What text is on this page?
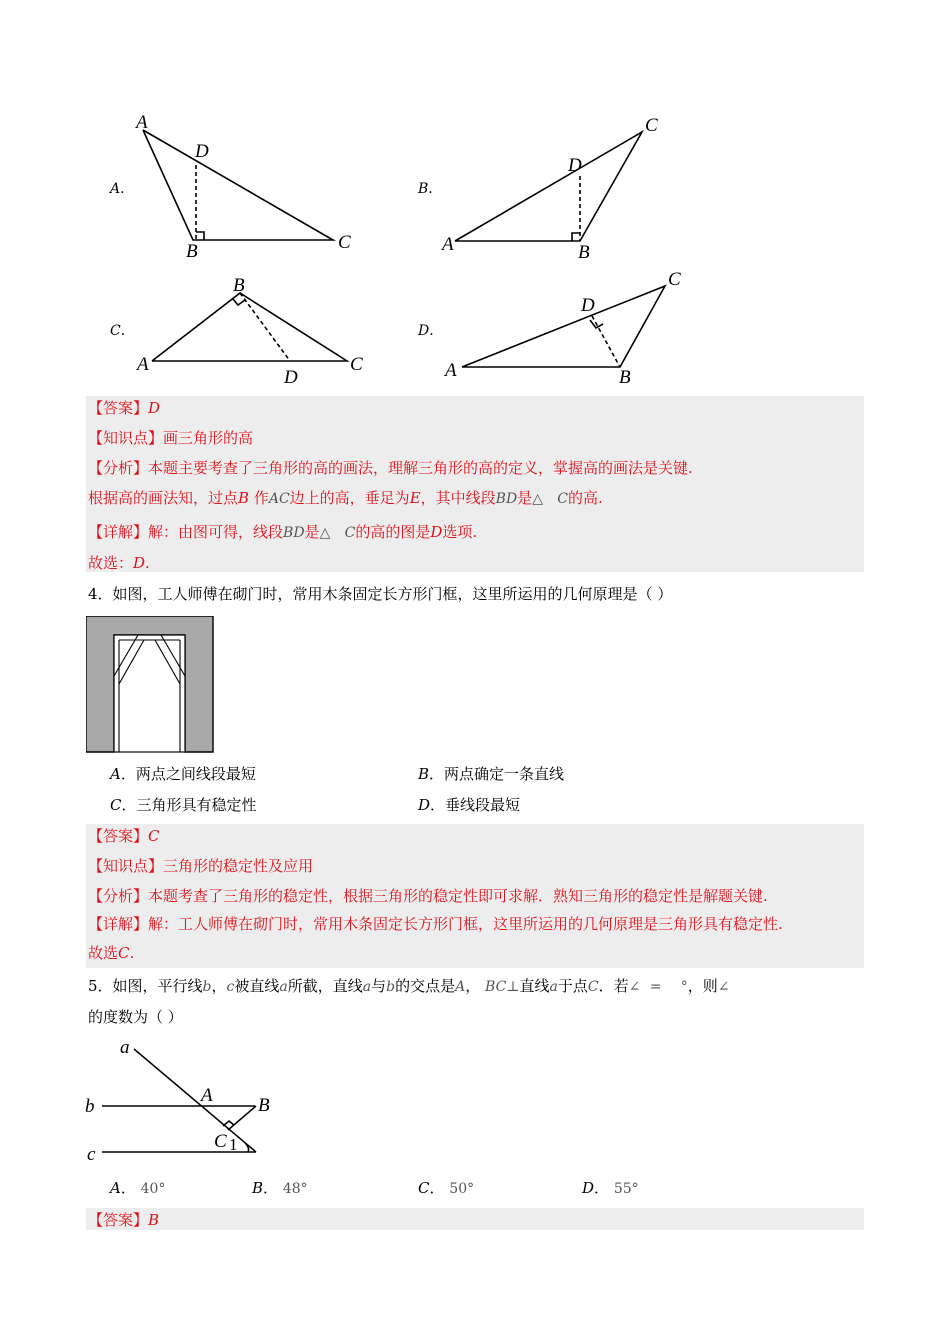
A．	B．
C．	D．
A
D
B	C
C
D
A	B
B
A	C
D
C
D
A	B
【答案】D
【知识点】画三角形的高
【分析】本题主要考查了三角形的高的画法，理解三角形的高的定义，掌握高的画法是关键.
根据高的画法知，过点B 作AC边上的高，垂足为E，其中线段BD是△ C的高.
【详解】解：由图可得，线段BD是△ C的高的图是D选项.
故选：D.
4．如图，工人师傅在砌门时，常用木条固定长方形门框，这里所运用的几何原理是（ ）
A．两点之间线段最短	B．两点确定一条直线
C．三角形具有稳定性	D．垂线段最短
【答案】C
【知识点】三角形的稳定性及应用
【分析】本题考查了三角形的稳定性，根据三角形的稳定性即可求解．熟知三角形的稳定性是解题关键.
【详解】解：工人师傅在砌门时，常用木条固定长方形门框，这里所运用的几何原理是三角形具有稳定性.
故选C.
5．如图，平行线b，c被直线a所截，直线a与b的交点是A， BC⊥直线a于点C．若∠ = °，则∠
的度数为（ ）
a
b
c
A B
C 1
A． 40°	B． 48°	C． 50°	D． 55°
【答案】B
